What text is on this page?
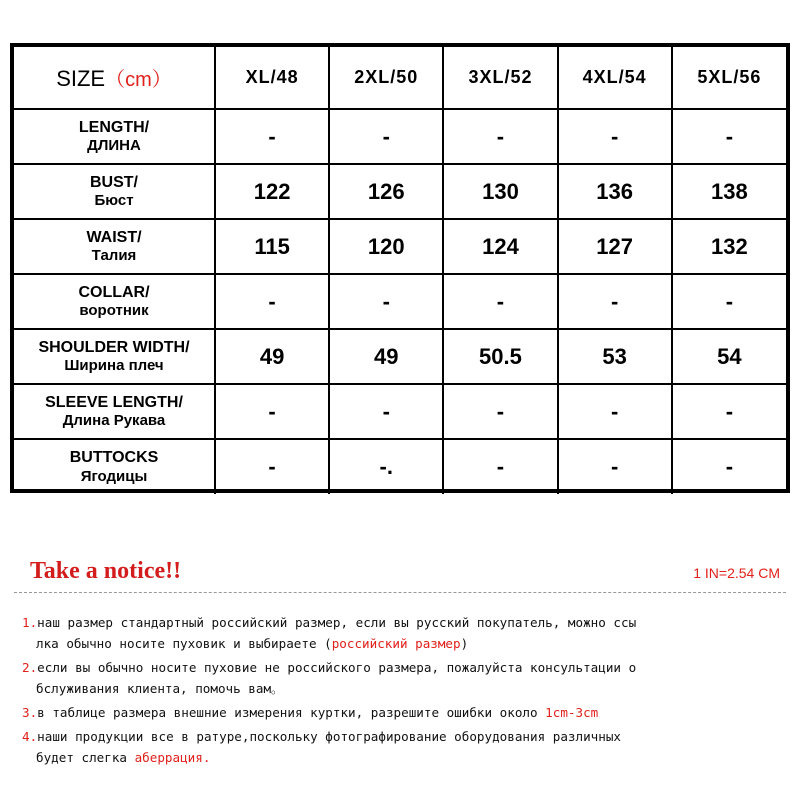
SIZE（cm）	XL/48	2XL/50	3XL/52	4XL/54	5XL/56

LENGTH/
ДЛИНА	-	-	-	-	-

BUST/
Бюст	122	126	130	136	138

WAIST/
Талия	115	120	124	127	132

COLLAR/
воротник	-	-	-	-	-

SHOULDER WIDTH/
Ширина плеч	49	49	50.5	53	54

SLEEVE LENGTH/
Длина Рукава	-	-	-	-	-

BUTTOCKS
Ягодицы	-	-.	-	-	-
Take a notice!!	1 IN=2.54 CM

1.наш размер стандартный российский размер, если вы русский покупатель, можно ссы
лка обычно носите пуховик и выбираете (российский размер)

2.если вы обычно носите пуховие не российского размера, пожалуйста консультации о
бслуживания клиента, помочь вам。

3.в таблице размера внешние измерения куртки, разрешите ошибки около 1cm-3cm

4.наши продукции все в ратуре,поскольку фотографирование оборудования различных
будет слегка аберрация.
